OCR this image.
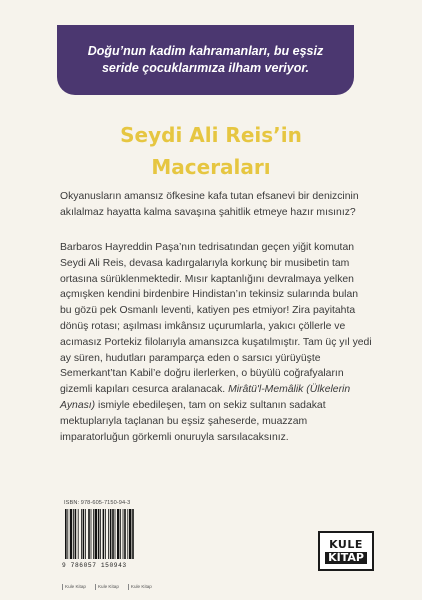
Doğu’nun kadim kahramanları, bu eşsiz
seride çocuklarımıza ilham veriyor.
Seydi Ali Reis’in
Maceraları
Okyanusların amansız öfkesine kafa tutan efsanevi bir denizcinin akılalmaz hayatta kalma savaşına şahitlik etmeye hazır mısınız?
Barbaros Hayreddin Paşa’nın tedrisatından geçen yiğit komutan Seydi Ali Reis, devasa kadırgalarıyla korkunç bir musibetin tam ortasına sürüklenmektedir. Mısır kaptanlığını devralmaya yelken açmışken kendini birdenbire Hindistan’ın tekinsiz sularında bulan bu gözü pek Osmanlı leventi, katiyen pes etmiyor! Zira payitahta dönüş rotası; aşılması imkânsız uçurumlarla, yakıcı çöllerle ve acımasız Portekiz filolarıyla amansızca kuşatılmıştır. Tam üç yıl yedi ay süren, hudutları paramparça eden o sarsıcı yürüyüşte Semerkant’tan Kabil’e doğru ilerlerken, o büyülü coğrafyaların gizemli kapıları cesurca aralanacak. Mirâtü'l-Memâlik (Ülkelerin Aynası) ismiyle ebedileşen, tam on sekiz sultanın sadakat mektuplarıyla taçlanan bu eşsiz şaheserde, muazzam imparatorluğun görkemli onuruyla sarsılacaksınız.
ISBN: 978-605-7150-94-3
9 786057 150943
Kule Kitap	Kule Kitap	Kule Kitap
KULE
KİTAP
